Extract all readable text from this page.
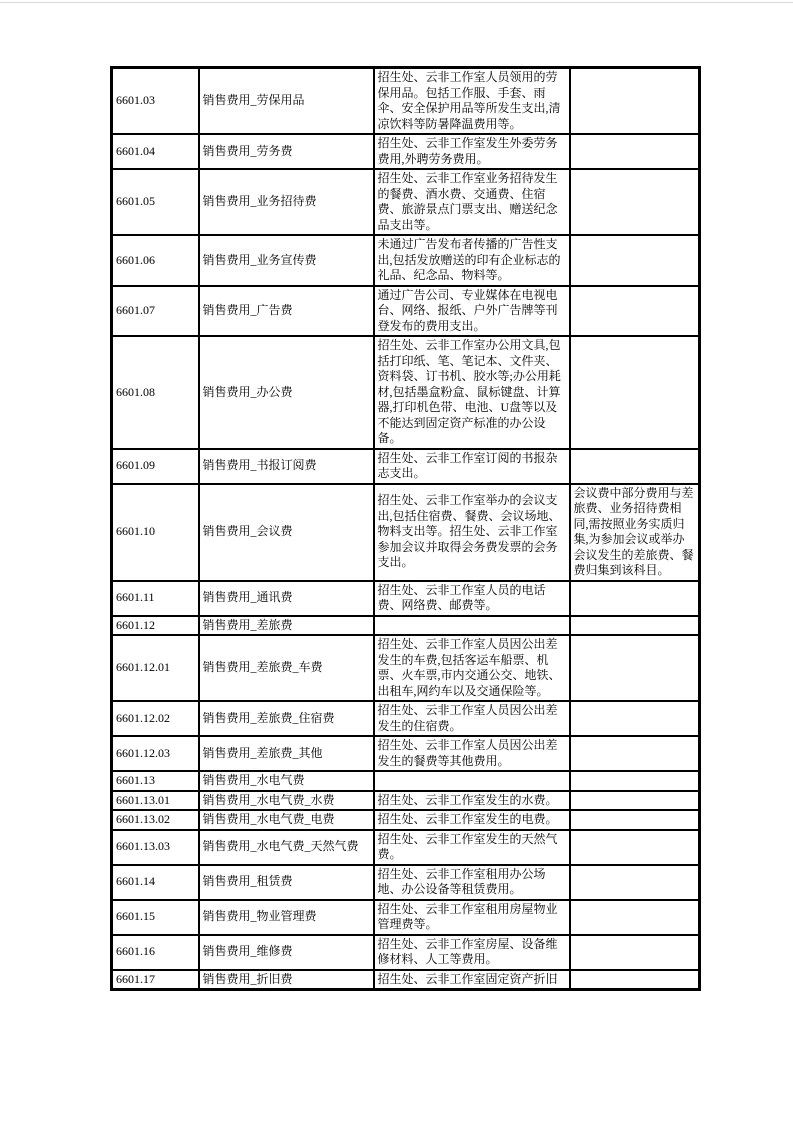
6601.03	销售费用_劳保用品	招生处、云非工作室人员领用的劳保用品。包括工作服、手套、雨伞、安全保护用品等所发生支出,清凉饮料等防暑降温费用等。	
6601.04	销售费用_劳务费	招生处、云非工作室发生外委劳务费用,外聘劳务费用。	
6601.05	销售费用_业务招待费	招生处、云非工作室业务招待发生的餐费、酒水费、交通费、住宿费、旅游景点门票支出、赠送纪念品支出等。	
6601.06	销售费用_业务宣传费	未通过广告发布者传播的广告性支出,包括发放赠送的印有企业标志的礼品、纪念品、物料等。	
6601.07	销售费用_广告费	通过广告公司、专业媒体在电视电台、网络、报纸、户外广告牌等刊登发布的费用支出。	
6601.08	销售费用_办公费	招生处、云非工作室办公用文具,包括打印纸、笔、笔记本、文件夹、资料袋、订书机、胶水等;办公用耗材,包括墨盒粉盒、鼠标键盘、计算器,打印机色带、电池、U盘等以及不能达到固定资产标准的办公设备。	
6601.09	销售费用_书报订阅费	招生处、云非工作室订阅的书报杂志支出。	
6601.10	销售费用_会议费	招生处、云非工作室举办的会议支出,包括住宿费、餐费、会议场地、物料支出等。招生处、云非工作室参加会议并取得会务费发票的会务支出。	会议费中部分费用与差旅费、业务招待费相同,需按照业务实质归集,为参加会议或举办会议发生的差旅费、餐费归集到该科目。
6601.11	销售费用_通讯费	招生处、云非工作室人员的电话费、网络费、邮费等。	
6601.12	销售费用_差旅费		
6601.12.01	销售费用_差旅费_车费	招生处、云非工作室人员因公出差发生的车费,包括客运车船票、机票、火车票,市内交通公交、地铁、出租车,网约车以及交通保险等。	
6601.12.02	销售费用_差旅费_住宿费	招生处、云非工作室人员因公出差发生的住宿费。	
6601.12.03	销售费用_差旅费_其他	招生处、云非工作室人员因公出差发生的餐费等其他费用。	
6601.13	销售费用_水电气费		
6601.13.01	销售费用_水电气费_水费	招生处、云非工作室发生的水费。	
6601.13.02	销售费用_水电气费_电费	招生处、云非工作室发生的电费。	
6601.13.03	销售费用_水电气费_天然气费	招生处、云非工作室发生的天然气费。	
6601.14	销售费用_租赁费	招生处、云非工作室租用办公场地、办公设备等租赁费用。	
6601.15	销售费用_物业管理费	招生处、云非工作室租用房屋物业管理费等。	
6601.16	销售费用_维修费	招生处、云非工作室房屋、设备维修材料、人工等费用。	
6601.17	销售费用_折旧费	招生处、云非工作室固定资产折旧	
